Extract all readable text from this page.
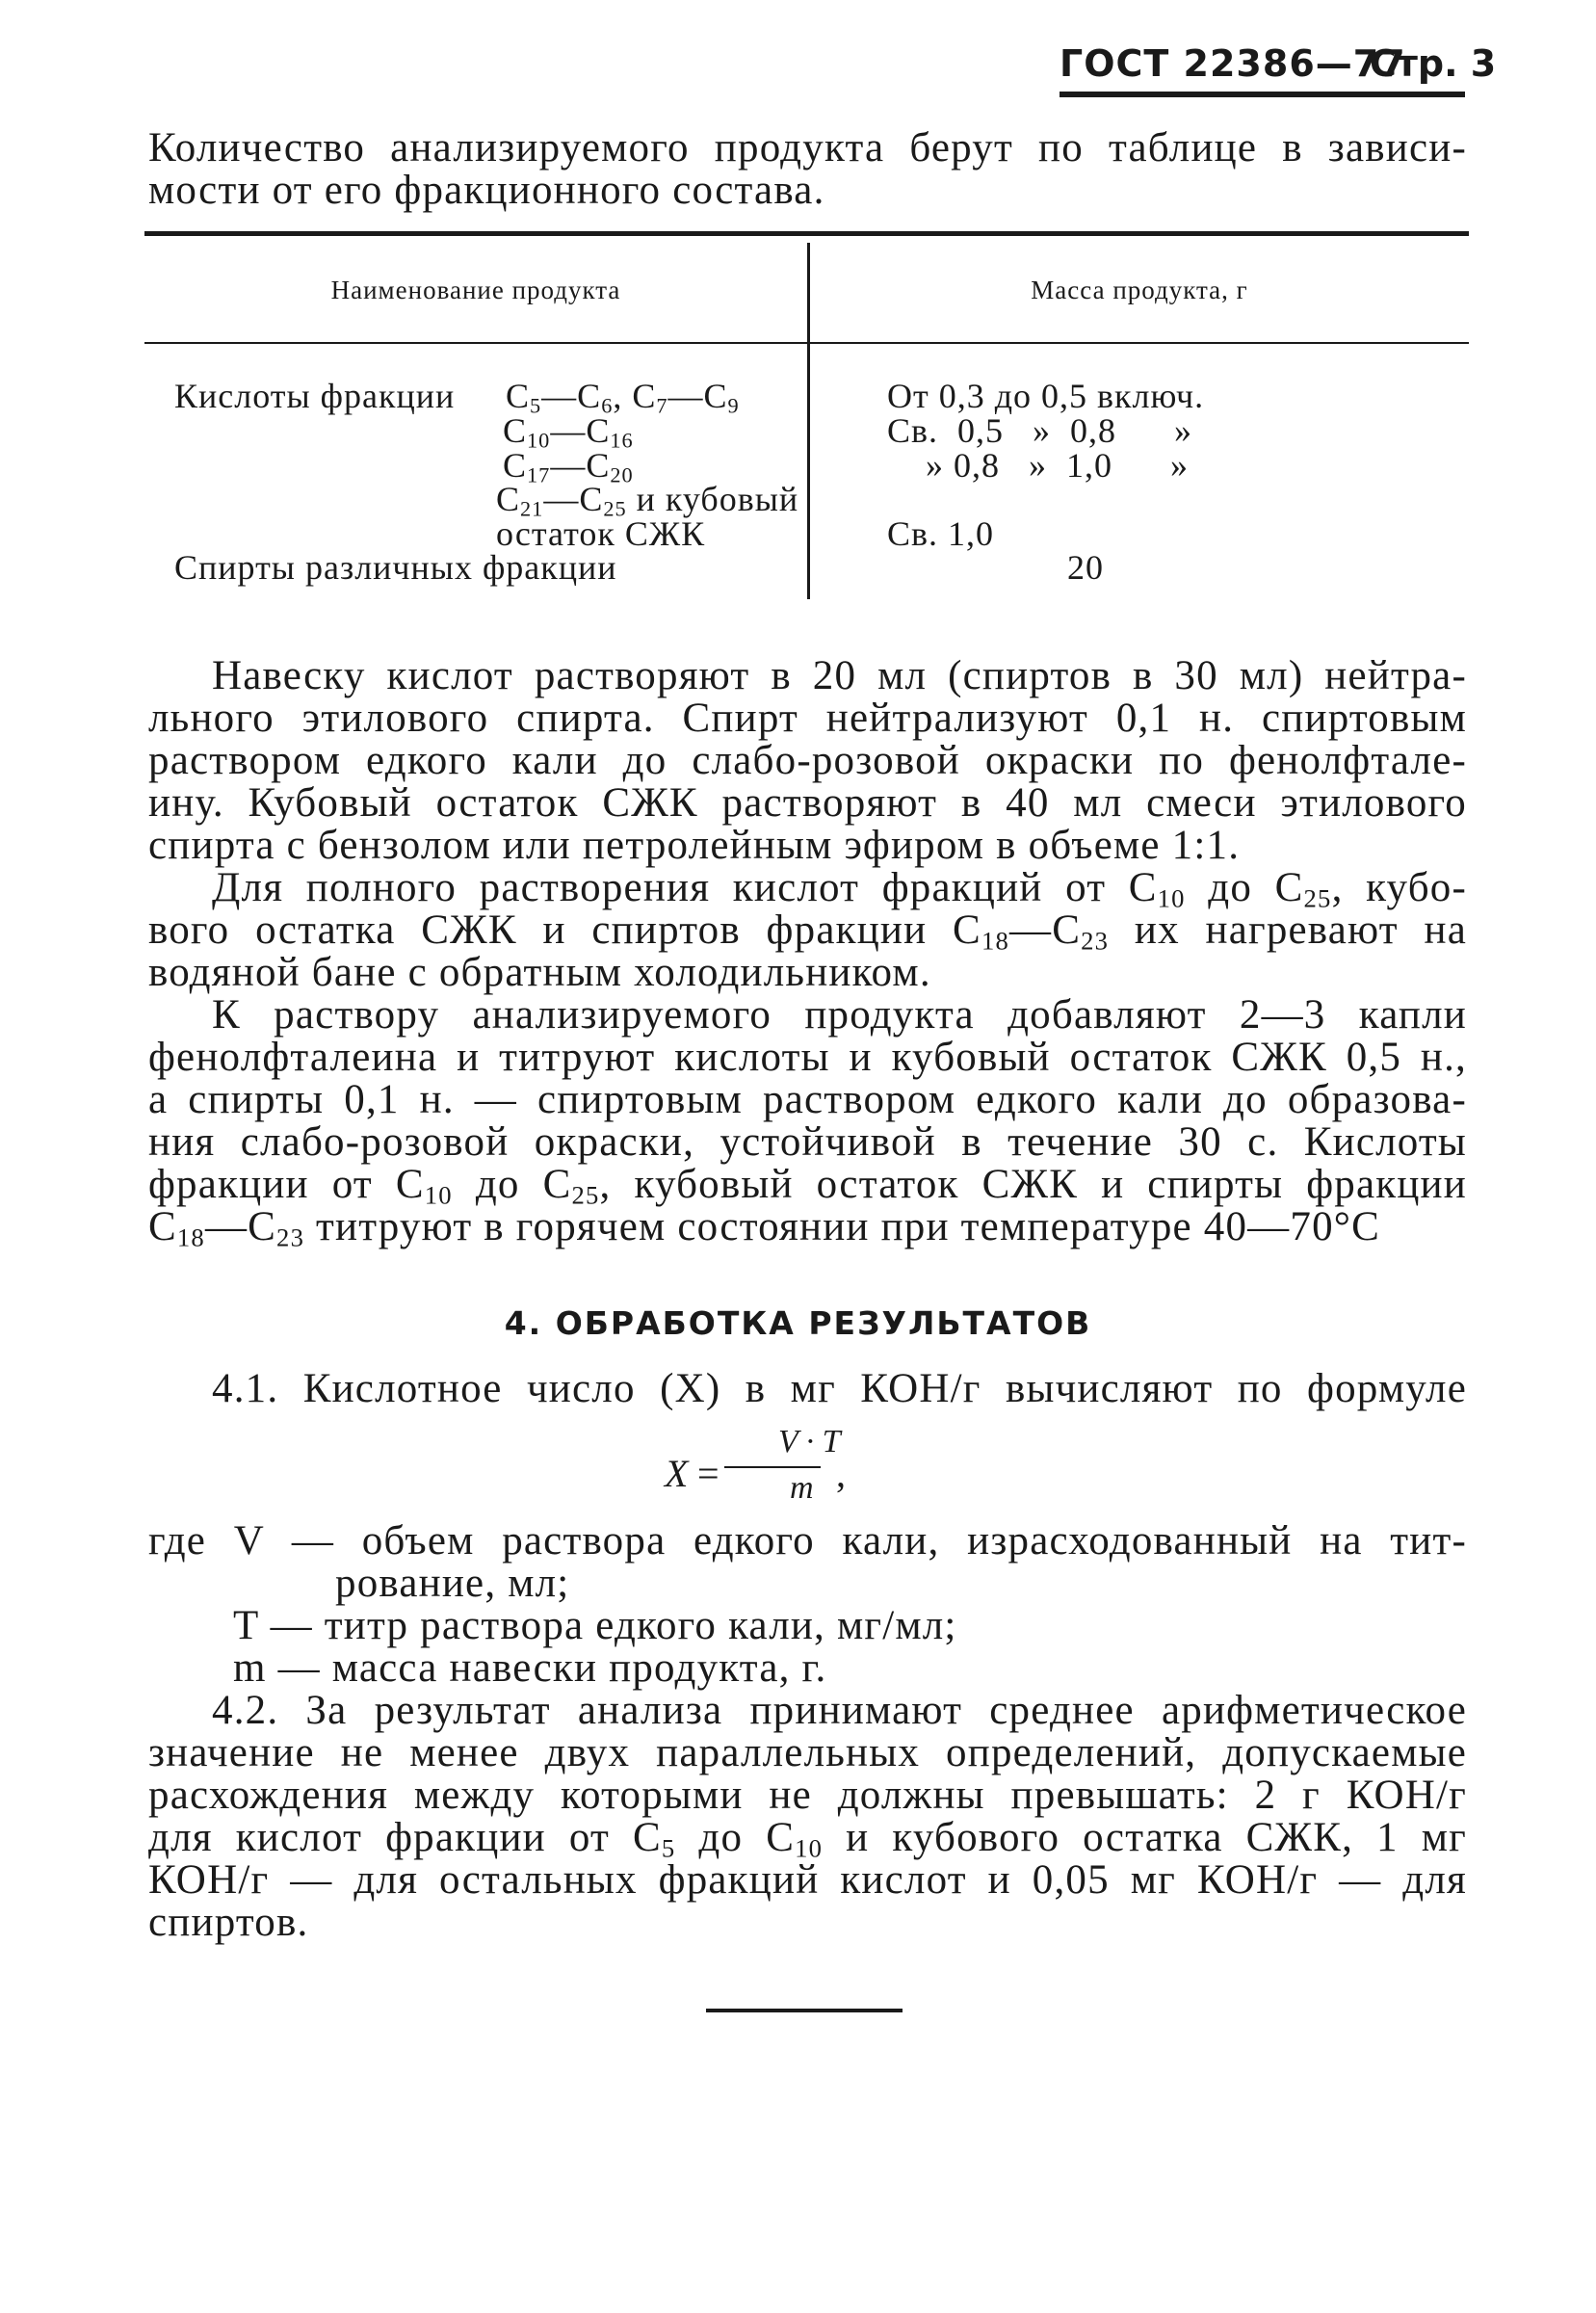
ГОСТ 22386—77
Стр. 3
Количество анализируемого продукта берут по таблице в зависи-
мости от его фракционного состава.
Наименование продукта	Масса продукта, г
Кислоты фракции $C_5—C_6$, $C_7—C_9$
$C_{10}—C_{16}$
$C_{17}—C_{20}$
$C_{21}—C_{25}$ и кубовый
остаток СЖК
Спирты различных фракции
От 0,3 до 0,5 включ.
Св.  0,5   »  0,8      »
» 0,8   »  1,0      »
Св. 1,0
20
Навеску кислот растворяют в 20 мл (спиртов в 30 мл) нейтра-
льного этилового спирта. Спирт нейтрализуют 0,1 н. спиртовым
раствором едкого кали до слабо-розовой окраски по фенолфтале-
ину. Кубовый остаток СЖК растворяют в 40 мл смеси этилового
спирта с бензолом или петролейным эфиром в объеме 1:1.
Для полного растворения кислот фракций от $C_{10}$ до $C_{25}$, кубо-
вого остатка СЖК и спиртов фракции $C_{18}—C_{23}$ их нагревают на
водяной бане с обратным холодильником.
К раствору анализируемого продукта добавляют 2—3 капли
фенолфталеина и титруют кислоты и кубовый остаток СЖК 0,5 н.,
а спирты 0,1 н. — спиртовым раствором едкого кали до образова-
ния слабо-розовой окраски, устойчивой в течение 30 с. Кислоты
фракции от $C_{10}$ до $C_{25}$, кубовый остаток СЖК и спирты фракции
$C_{18}—C_{23}$ титруют в горячем состоянии при температуре 40—70°С
4. ОБРАБОТКА РЕЗУЛЬТАТОВ
4.1. Кислотное число (X) в мг КОН/г вычисляют по формуле
X =
V · T
m ,
где V — объем раствора едкого кали, израсходованный на тит-
рование, мл;
T — титр раствора едкого кали, мг/мл;
m — масса навески продукта, г.
4.2. За результат анализа принимают среднее арифметическое
значение не менее двух параллельных определений, допускаемые
расхождения между которыми не должны превышать: 2 г КОН/г
для кислот фракции от $C_5$ до $C_{10}$ и кубового остатка СЖК, 1 мг
КОН/г — для остальных фракций кислот и 0,05 мг КОН/г — для
спиртов.
